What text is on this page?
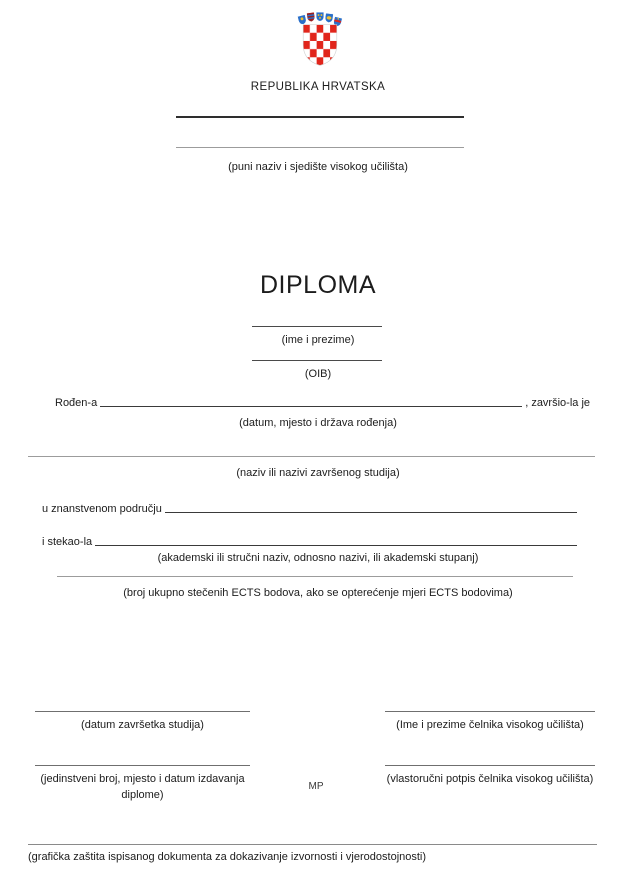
REPUBLIKA HRVATSKA
(puni naziv i sjedište visokog učilišta)
DIPLOMA
(ime i prezime)
(OIB)
Rođen-a	, završio-la je
(datum, mjesto i država rođenja)
(naziv ili nazivi završenog studija)
u znanstvenom području
i stekao-la
(akademski ili stručni naziv, odnosno nazivi, ili akademski stupanj)
(broj ukupno stečenih ECTS bodova, ako se opterećenje mjeri ECTS bodovima)
(datum završetka studija)
(jedinstveni broj, mjesto i datum izdavanja diplome)
MP
(Ime i prezime čelnika visokog učilišta)
(vlastoručni potpis čelnika visokog učilišta)
(grafička zaštita ispisanog dokumenta za dokazivanje izvornosti i vjerodostojnosti)
